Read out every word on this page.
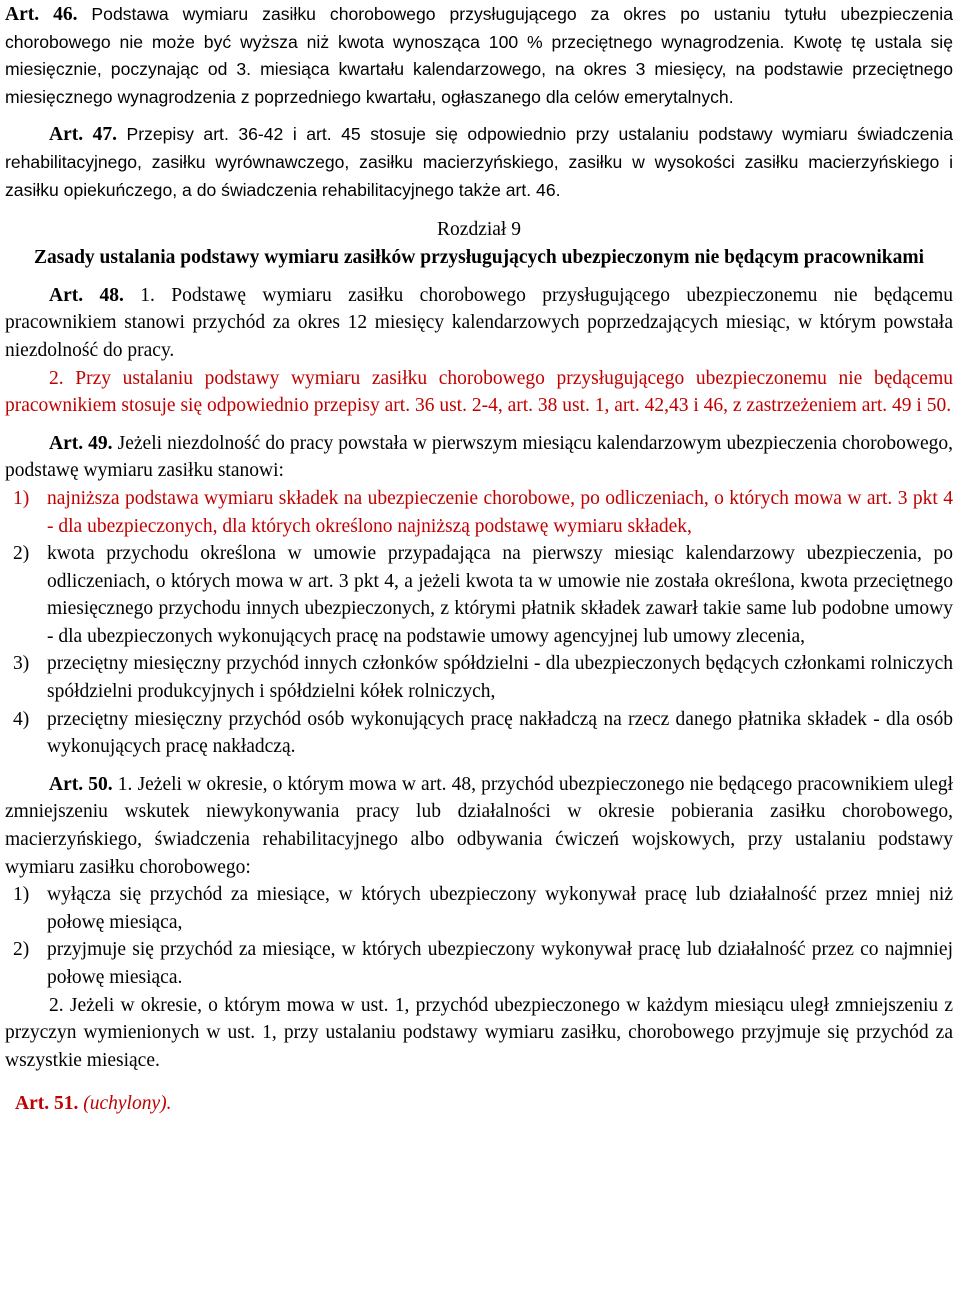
Art. 46. Podstawa wymiaru zasiłku chorobowego przysługującego za okres po ustaniu tytułu ubezpieczenia chorobowego nie może być wyższa niż kwota wynosząca 100 % przeciętnego wynagrodzenia. Kwotę tę ustala się miesięcznie, poczynając od 3. miesiąca kwartału kalendarzowego, na okres 3 miesięcy, na podstawie przeciętnego miesięcznego wynagrodzenia z poprzedniego kwartału, ogłaszanego dla celów emerytalnych.

Art. 47. Przepisy art. 36-42 i art. 45 stosuje się odpowiednio przy ustalaniu podstawy wymiaru świadczenia rehabilitacyjnego, zasiłku wyrównawczego, zasiłku macierzyńskiego, zasiłku w wysokości zasiłku macierzyńskiego i zasiłku opiekuńczego, a do świadczenia rehabilitacyjnego także art. 46.

Rozdział 9
Zasady ustalania podstawy wymiaru zasiłków przysługujących ubezpieczonym nie będącym pracownikami

Art. 48. 1. Podstawę wymiaru zasiłku chorobowego przysługującego ubezpieczonemu nie będącemu pracownikiem stanowi przychód za okres 12 miesięcy kalendarzowych poprzedzających miesiąc, w którym powstała niezdolność do pracy.

2. Przy ustalaniu podstawy wymiaru zasiłku chorobowego przysługującego ubezpieczonemu nie będącemu pracownikiem stosuje się odpowiednio przepisy art. 36 ust. 2-4, art. 38 ust. 1, art. 42,43 i 46, z zastrzeżeniem art. 49 i 50.

Art. 49. Jeżeli niezdolność do pracy powstała w pierwszym miesiącu kalendarzowym ubezpieczenia chorobowego, podstawę wymiaru zasiłku stanowi:

1) najniższa podstawa wymiaru składek na ubezpieczenie chorobowe, po odliczeniach, o których mowa w art. 3 pkt 4 - dla ubezpieczonych, dla których określono najniższą podstawę wymiaru składek,
2) kwota przychodu określona w umowie przypadająca na pierwszy miesiąc kalendarzowy ubezpieczenia, po odliczeniach, o których mowa w art. 3 pkt 4, a jeżeli kwota ta w umowie nie została określona, kwota przeciętnego miesięcznego przychodu innych ubezpieczonych, z którymi płatnik składek zawarł takie same lub podobne umowy - dla ubezpieczonych wykonujących pracę na podstawie umowy agencyjnej lub umowy zlecenia,
3) przeciętny miesięczny przychód innych członków spółdzielni - dla ubezpieczonych będących członkami rolniczych spółdzielni produkcyjnych i spółdzielni kółek rolniczych,
4) przeciętny miesięczny przychód osób wykonujących pracę nakładczą na rzecz danego płatnika składek - dla osób wykonujących pracę nakładczą.

Art. 50. 1. Jeżeli w okresie, o którym mowa w art. 48, przychód ubezpieczonego nie będącego pracownikiem uległ zmniejszeniu wskutek niewykonywania pracy lub działalności w okresie pobierania zasiłku chorobowego, macierzyńskiego, świadczenia rehabilitacyjnego albo odbywania ćwiczeń wojskowych, przy ustalaniu podstawy wymiaru zasiłku chorobowego:

1) wyłącza się przychód za miesiące, w których ubezpieczony wykonywał pracę lub działalność przez mniej niż połowę miesiąca,
2) przyjmuje się przychód za miesiące, w których ubezpieczony wykonywał pracę lub działalność przez co najmniej połowę miesiąca.

2. Jeżeli w okresie, o którym mowa w ust. 1, przychód ubezpieczonego w każdym miesiącu uległ zmniejszeniu z przyczyn wymienionych w ust. 1, przy ustalaniu podstawy wymiaru zasiłku, chorobowego przyjmuje się przychód za wszystkie miesiące.

Art. 51. (uchylony).
